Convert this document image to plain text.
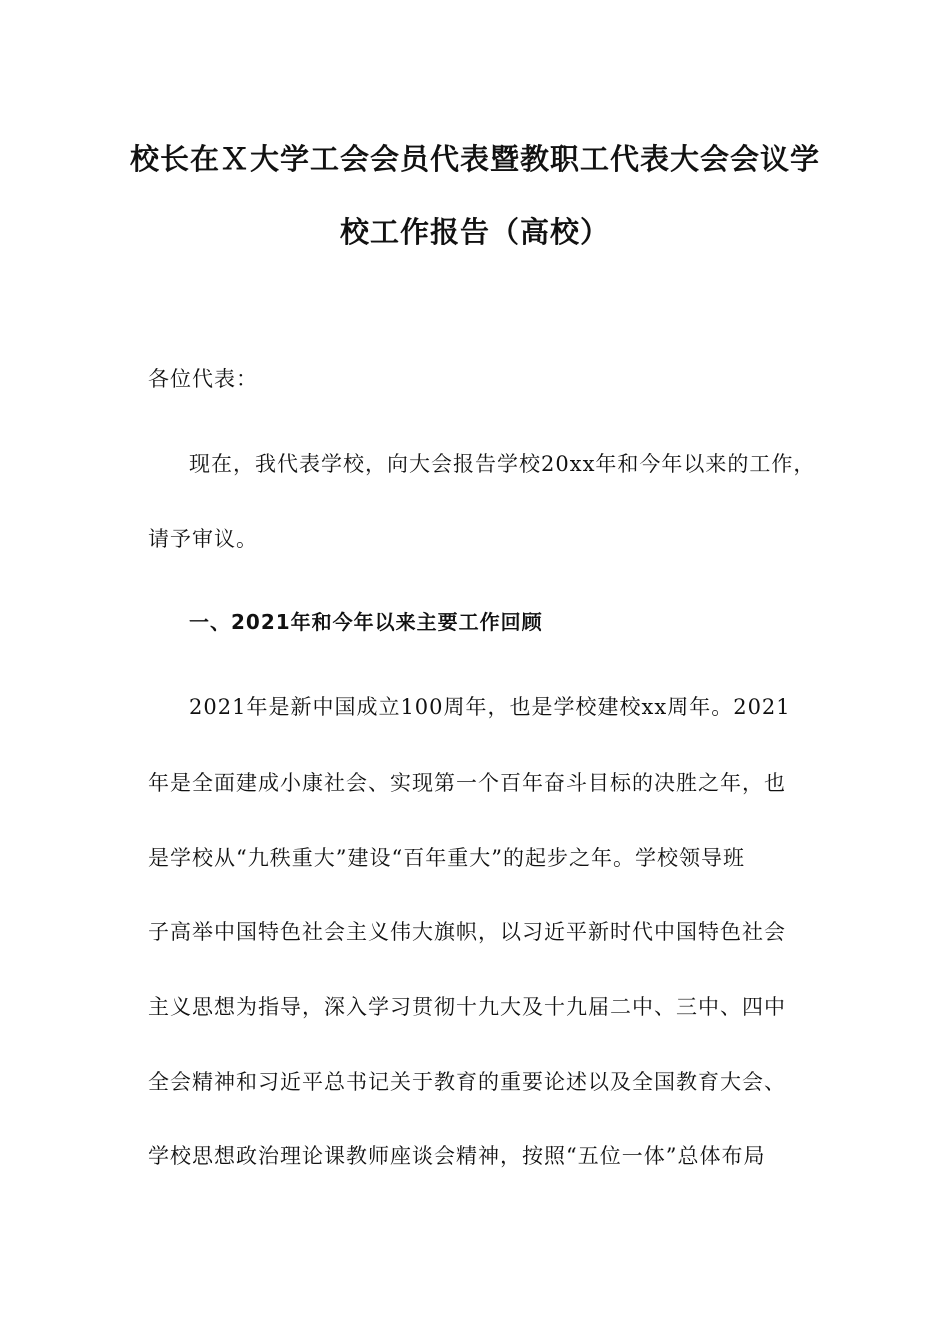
校长在Ｘ大学工会会员代表暨教职工代表大会会议学
校工作报告（高校）
各位代表：
现在，我代表学校，向大会报告学校20xx年和今年以来的工作，
请予审议。
一、2021年和今年以来主要工作回顾
2021年是新中国成立100周年，也是学校建校xx周年。2021
年是全面建成小康社会、实现第一个百年奋斗目标的决胜之年，也
是学校从“九秩重大”建设“百年重大”的起步之年。学校领导班
子高举中国特色社会主义伟大旗帜，以习近平新时代中国特色社会
主义思想为指导，深入学习贯彻十九大及十九届二中、三中、四中
全会精神和习近平总书记关于教育的重要论述以及全国教育大会、
学校思想政治理论课教师座谈会精神，按照“五位一体”总体布局
